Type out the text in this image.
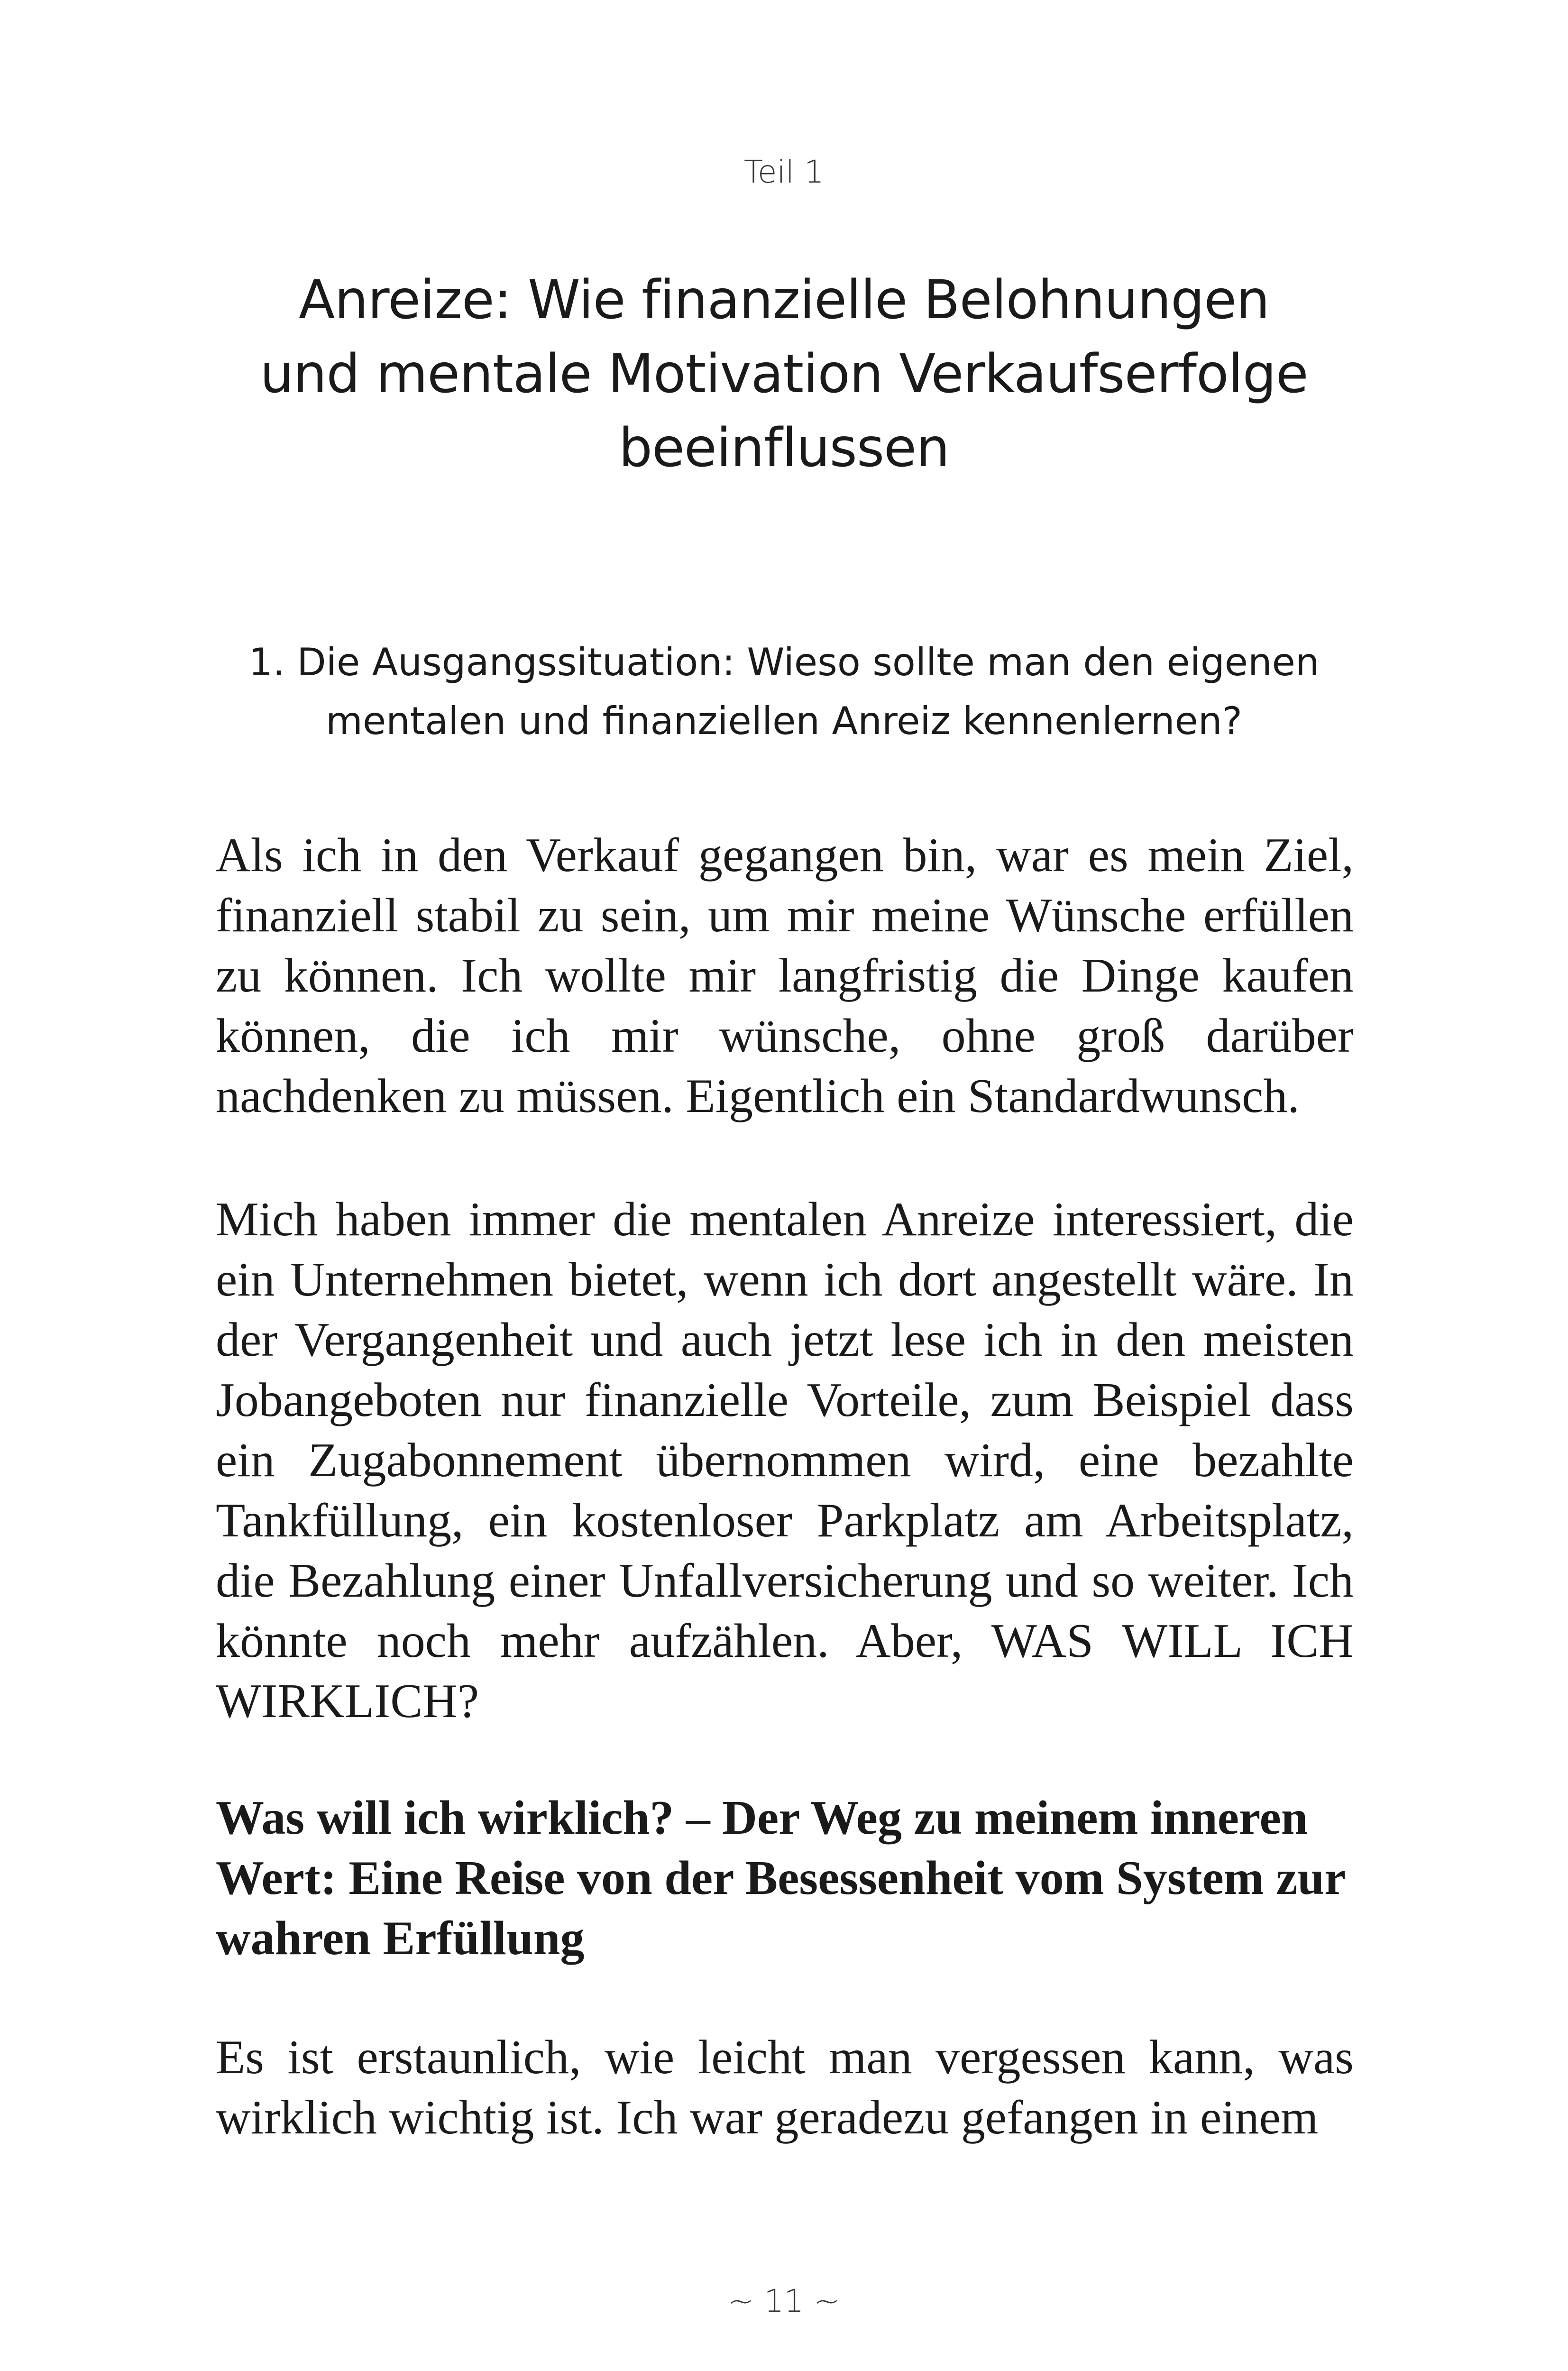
Teil 1
Anreize: Wie finanzielle Belohnungen und mentale Motivation Verkaufserfolge beeinflussen
1. Die Ausgangssituation: Wieso sollte man den eigenen mentalen und finanziellen Anreiz kennenlernen?

Als ich in den Verkauf gegangen bin, war es mein Ziel, finanziell stabil zu sein, um mir meine Wünsche erfüllen zu können. Ich wollte mir langfristig die Dinge kaufen können, die ich mir wünsche, ohne groß darüber nachdenken zu müssen. Eigentlich ein Standardwunsch.

Mich haben immer die mentalen Anreize interessiert, die ein Unternehmen bietet, wenn ich dort angestellt wäre. In der Vergangenheit und auch jetzt lese ich in den meisten Jobangeboten nur finanzielle Vorteile, zum Beispiel dass ein Zugabonnement übernommen wird, eine bezahlte Tankfüllung, ein kostenloser Parkplatz am Arbeitsplatz, die Bezahlung einer Unfallversicherung und so weiter. Ich könnte noch mehr aufzählen. Aber, WAS WILL ICH WIRKLICH?

Was will ich wirklich? – Der Weg zu meinem inneren Wert: Eine Reise von der Besessenheit vom System zur wahren Erfüllung

Es ist erstaunlich, wie leicht man vergessen kann, was wirklich wichtig ist. Ich war geradezu gefangen in einem

~ 11 ~
